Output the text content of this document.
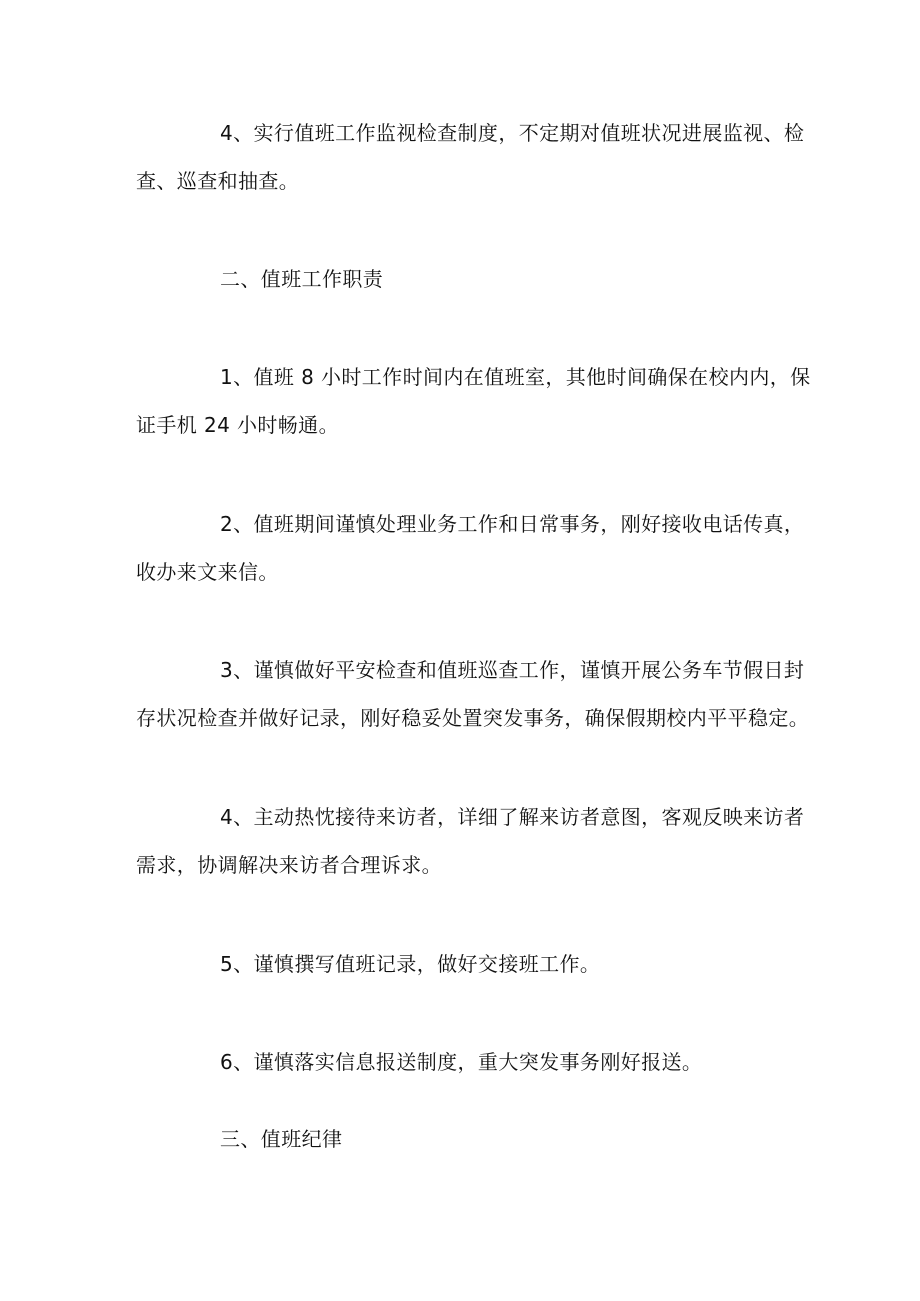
4、实行值班工作监视检查制度，不定期对值班状况进展监视、检
查、巡查和抽查。
二、值班工作职责
1、值班 8 小时工作时间内在值班室，其他时间确保在校内内，保
证手机 24 小时畅通。
2、值班期间谨慎处理业务工作和日常事务，刚好接收电话传真，
收办来文来信。
3、谨慎做好平安检查和值班巡查工作，谨慎开展公务车节假日封
存状况检查并做好记录，刚好稳妥处置突发事务，确保假期校内平平稳定。
4、主动热忱接待来访者，详细了解来访者意图，客观反映来访者
需求，协调解决来访者合理诉求。
5、谨慎撰写值班记录，做好交接班工作。
6、谨慎落实信息报送制度，重大突发事务刚好报送。
三、值班纪律
